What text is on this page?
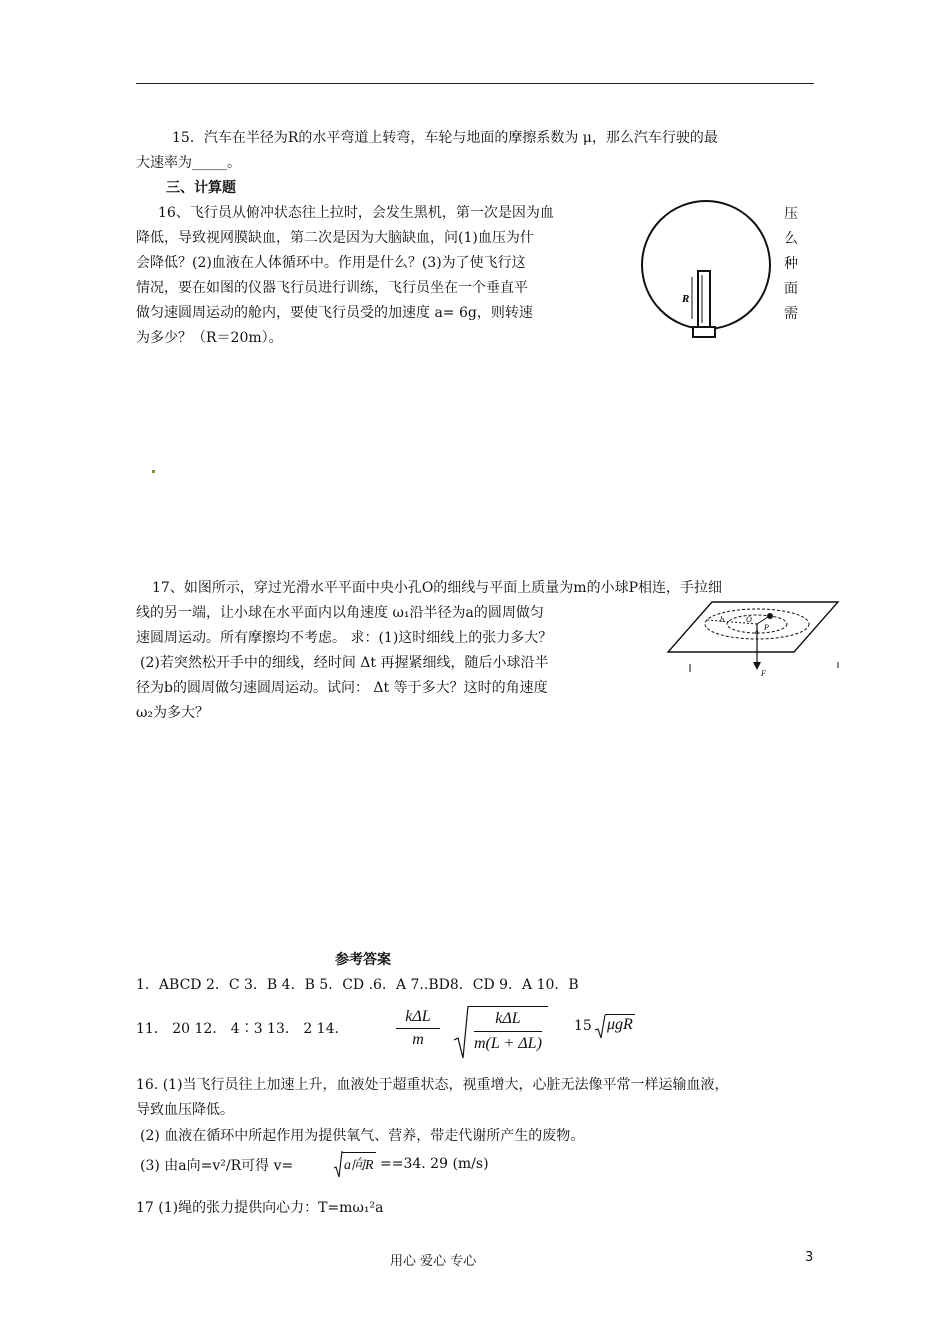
15．汽车在半径为R的水平弯道上转弯，车轮与地面的摩擦系数为 μ，那么汽车行驶的最
大速率为_____。
三、计算题
16、飞行员从俯冲状态往上拉时，会发生黑机，第一次是因为血
降低，导致视网膜缺血，第二次是因为大脑缺血，问(1)血压为什
会降低？(2)血液在人体循环中。作用是什么？(3)为了使飞行这
情况，要在如图的仪器飞行员进行训练，飞行员坐在一个垂直平
做匀速圆周运动的舱内，要使飞行员受的加速度 a= 6g，则转速
为多少？（R＝20m）。
压
么
种
面
需
R
17、如图所示，穿过光滑水平平面中央小孔O的细线与平面上质量为m的小球P相连，手拉细
线的另一端，让小球在水平面内以角速度 ω₁沿半径为a的圆周做匀
速圆周运动。所有摩擦均不考虑。 求：(1)这时细线上的张力多大？
(2)若突然松开手中的细线，经时间 Δt 再握紧细线，随后小球沿半
径为b的圆周做匀速圆周运动。试问： Δt 等于多大？这时的角速度
ω₂为多大？
b	O
a P
F
参考答案
1．ABCD 2．C 3．B 4．B 5．CD .6．A 7..BD8．CD 9．A 10．B
11． 20 12． 4∶3 13． 2 14．
kΔL
m
kΔL
m(L + ΔL)
15 μgR
16. (1)当飞行员往上加速上升，血液处于超重状态，视重增大，心脏无法像平常一样运输血液，
导致血压降低。
(2) 血液在循环中所起作用为提供氧气、营养，带走代谢所产生的废物。
(3) 由a向=v²/R可得 v=	a向R ==34. 29 (m/s)
17 (1)绳的张力提供向心力：T=mω₁²a
用心 爱心 专心	3
